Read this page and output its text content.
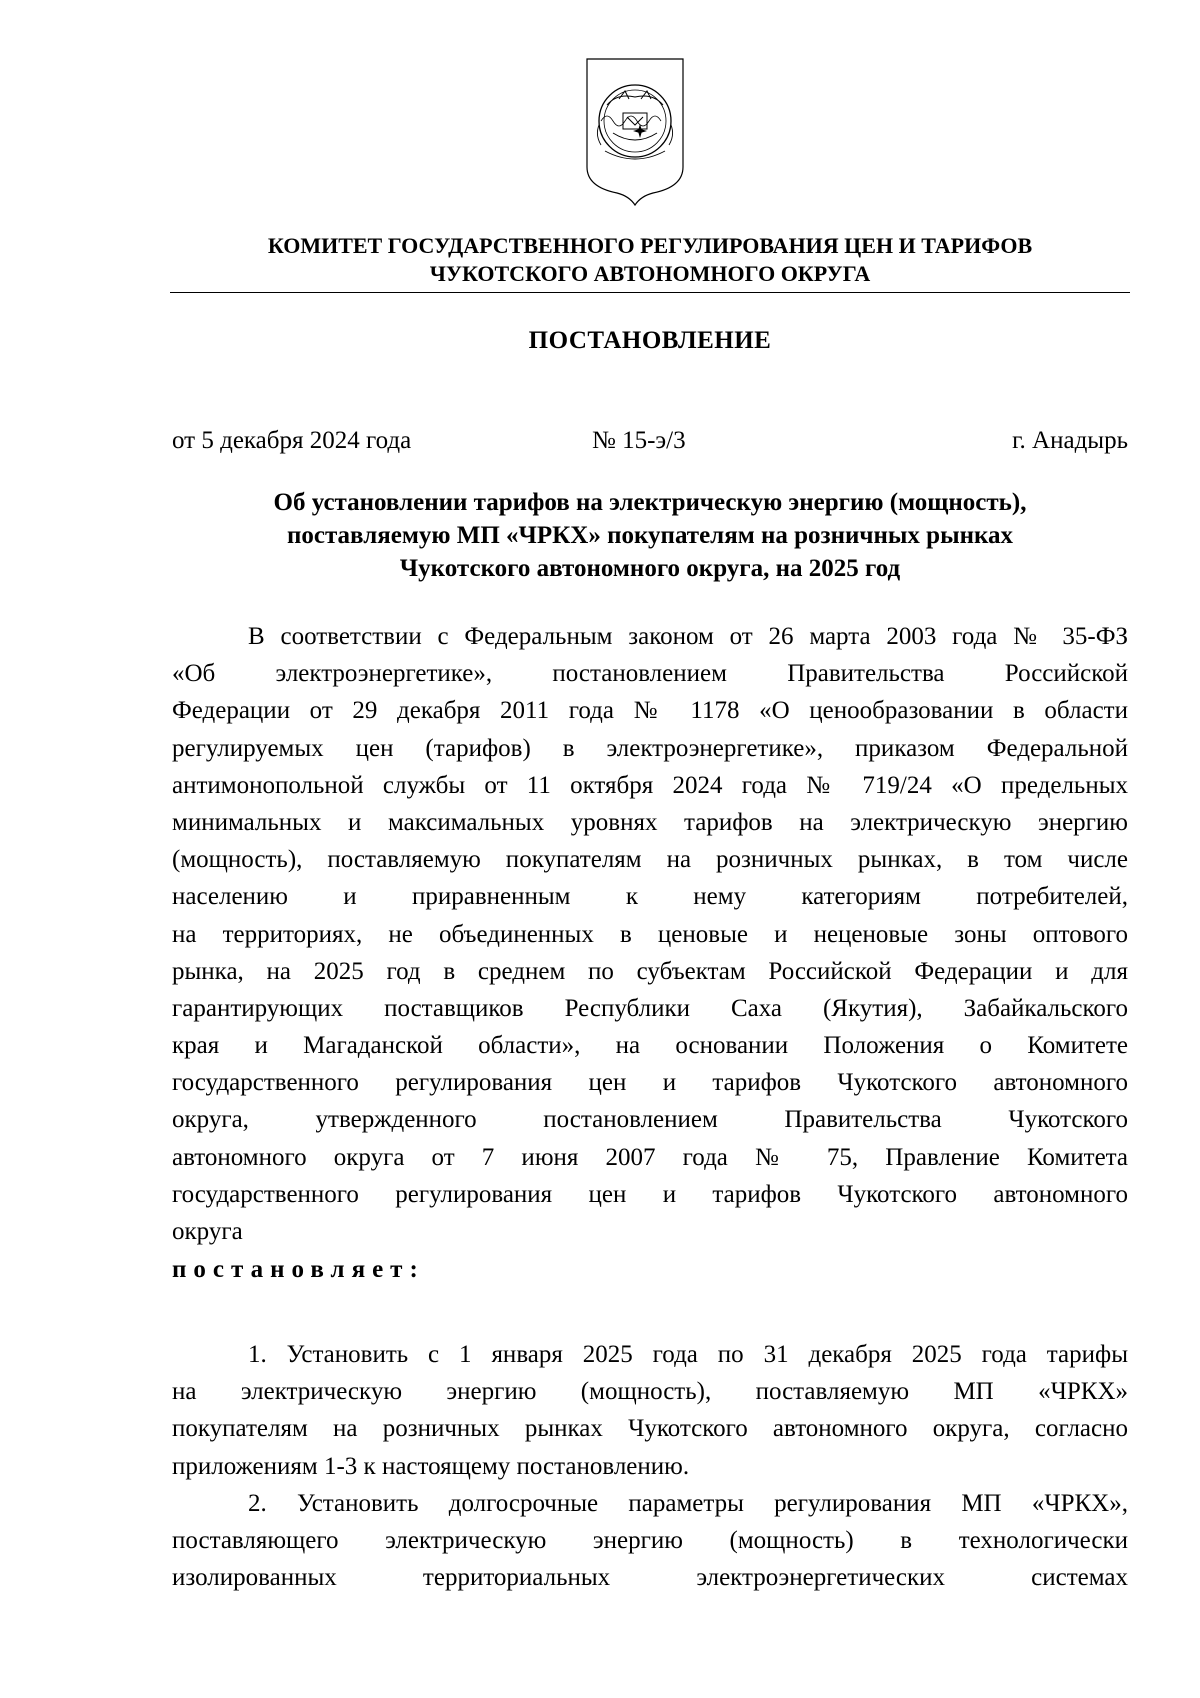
КОМИТЕТ ГОСУДАРСТВЕННОГО РЕГУЛИРОВАНИЯ ЦЕН И ТАРИФОВ
ЧУКОТСКОГО АВТОНОМНОГО ОКРУГА
ПОСТАНОВЛЕНИЕ
от 5 декабря 2024 года	№ 15-э/3	г. Анадырь
Об установлении тарифов на электрическую энергию (мощность),
поставляемую МП «ЧРКХ» покупателям на розничных рынках
Чукотского автономного округа, на 2025 год
В соответствии с Федеральным законом от 26 марта 2003 года № 35-ФЗ
«Об электроэнергетике», постановлением Правительства Российской
Федерации от 29 декабря 2011 года № 1178 «О ценообразовании в области
регулируемых цен (тарифов) в электроэнергетике», приказом Федеральной
антимонопольной службы от 11 октября 2024 года № 719/24 «О предельных
минимальных и максимальных уровнях тарифов на электрическую энергию
(мощность), поставляемую покупателям на розничных рынках, в том числе
населению и приравненным к нему категориям потребителей,
на территориях, не объединенных в ценовые и неценовые зоны оптового
рынка, на 2025 год в среднем по субъектам Российской Федерации и для
гарантирующих поставщиков Республики Саха (Якутия), Забайкальского
края и Магаданской области», на основании Положения о Комитете
государственного регулирования цен и тарифов Чукотского автономного
округа, утвержденного постановлением Правительства Чукотского
автономного округа от 7 июня 2007 года № 75, Правление Комитета
государственного регулирования цен и тарифов Чукотского автономного
округа
постановляет:
1. Установить с 1 января 2025 года по 31 декабря 2025 года тарифы
на электрическую энергию (мощность), поставляемую МП «ЧРКХ»
покупателям на розничных рынках Чукотского автономного округа, согласно
приложениям 1-3 к настоящему постановлению.
2. Установить долгосрочные параметры регулирования МП «ЧРКХ»,
поставляющего электрическую энергию (мощность) в технологически
изолированных территориальных электроэнергетических системах
